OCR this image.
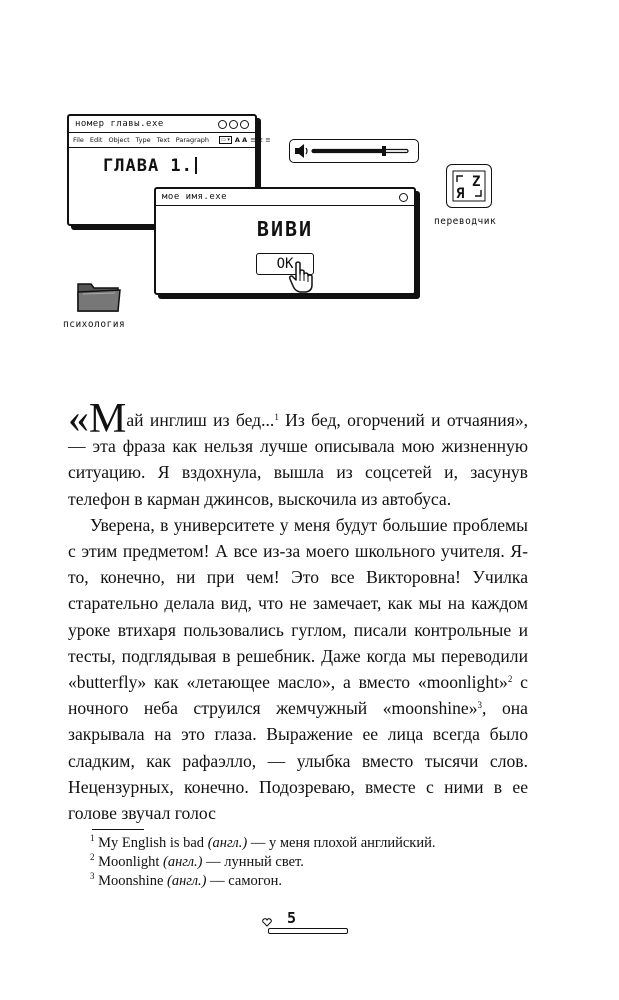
номер главы.exe
File Edit Object Type Text Paragraph	▭ ▾ A A ≡ ≡ ≡
ГЛАВА 1.
Z
Я
переводчик
психология
мое имя.exe
ВИВИ
OK

«Май инглиш из бед...$^1$ Из бед, огорчений и отчаяния», — эта фраза как нельзя лучше описывала мою жизненную ситуацию. Я вздохнула, вышла из соцсетей и, засунув телефон в карман джинсов, выскочила из автобуса.

Уверена, в университете у меня будут большие проблемы с этим предметом! А все из-за моего школьного учителя. Я-то, конечно, ни при чем! Это все Викторовна! Училка старательно делала вид, что не замечает, как мы на каждом уроке втихаря пользовались гуглом, писали контрольные и тесты, подглядывая в решебник. Даже когда мы переводили «butterfly» как «летающее масло», а вместо «moonlight»$^2$ с ночного неба струился жемчужный «moonshine»$^3$, она закрывала на это глаза. Выражение ее лица всегда было сладким, как рафаэлло, — улыбка вместо тысячи слов. Нецензурных, конечно. Подозреваю, вместе с ними в ее голове звучал голос

$^1$ My English is bad (англ.) — у меня плохой английский.
$^2$ Moonlight (англ.) — лунный свет.
$^3$ Moonshine (англ.) — самогон.
5
